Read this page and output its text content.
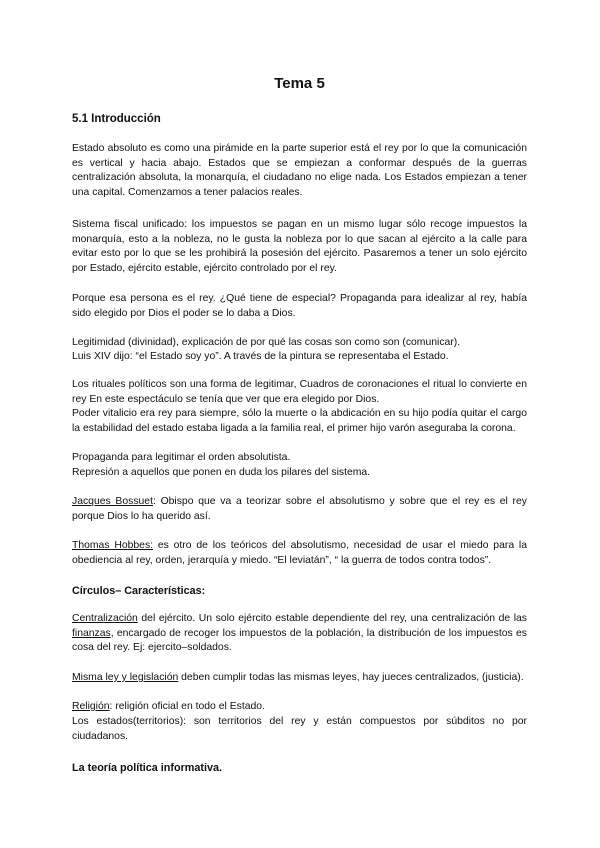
Tema 5
5.1 Introducción

Estado absoluto es como una pirámide en la parte superior está el rey por lo que la comunicación es vertical y hacia abajo. Estados que se empiezan a conformar después de la guerras centralización absoluta, la monarquía, el ciudadano no elige nada. Los Estados empiezan a tener una capital. Comenzamos a tener palacios reales.

Sistema fiscal unificado: los impuestos se pagan en un mismo lugar sólo recoge impuestos la monarquía, esto a la nobleza, no le gusta la nobleza por lo que sacan al ejército a la calle para evitar esto por lo que se les prohibirá la posesión del ejército. Pasaremos a tener un solo ejército por Estado, ejército estable, ejército controlado por el rey.

Porque esa persona es el rey. ¿Qué tiene de especial? Propaganda para idealizar al rey, había sido elegido por Dios el poder se lo daba a Dios.

Legitimidad (divinidad), explicación de por qué las cosas son como son (comunicar).

Luis XIV dijo: “el Estado soy yo”. A través de la pintura se representaba el Estado.

Los rituales políticos son una forma de legitimar, Cuadros de coronaciones el ritual lo convierte en rey En este espectáculo se tenía que ver que era elegido por Dios.

Poder vitalicio era rey para siempre, sólo la muerte o la abdicación en su hijo podía quitar el cargo la estabilidad del estado estaba ligada a la familia real, el primer hijo varón aseguraba la corona.

Propaganda para legitimar el orden absolutista.

Represión a aquellos que ponen en duda los pilares del sistema.

Jacques Bossuet: Obispo que va a teorizar sobre el absolutismo y sobre que el rey es el rey porque Dios lo ha querido así.

Thomas Hobbes: es otro de los teóricos del absolutismo, necesidad de usar el miedo para la obediencia al rey, orden, jerarquía y miedo. “El leviatán”, “ la guerra de todos contra todos”.

Círculos– Características:

Centralización del ejército. Un solo ejército estable dependiente del rey, una centralización de las finanzas, encargado de recoger los impuestos de la población, la distribución de los impuestos es cosa del rey. Ej: ejercito–soldados.

Misma ley y legislación deben cumplir todas las mismas leyes, hay jueces centralizados, (justicia).

Religión: religión oficial en todo el Estado.

Los estados(territorios): son territorios del rey y están compuestos por súbditos no por ciudadanos.

La teoría política informativa.
